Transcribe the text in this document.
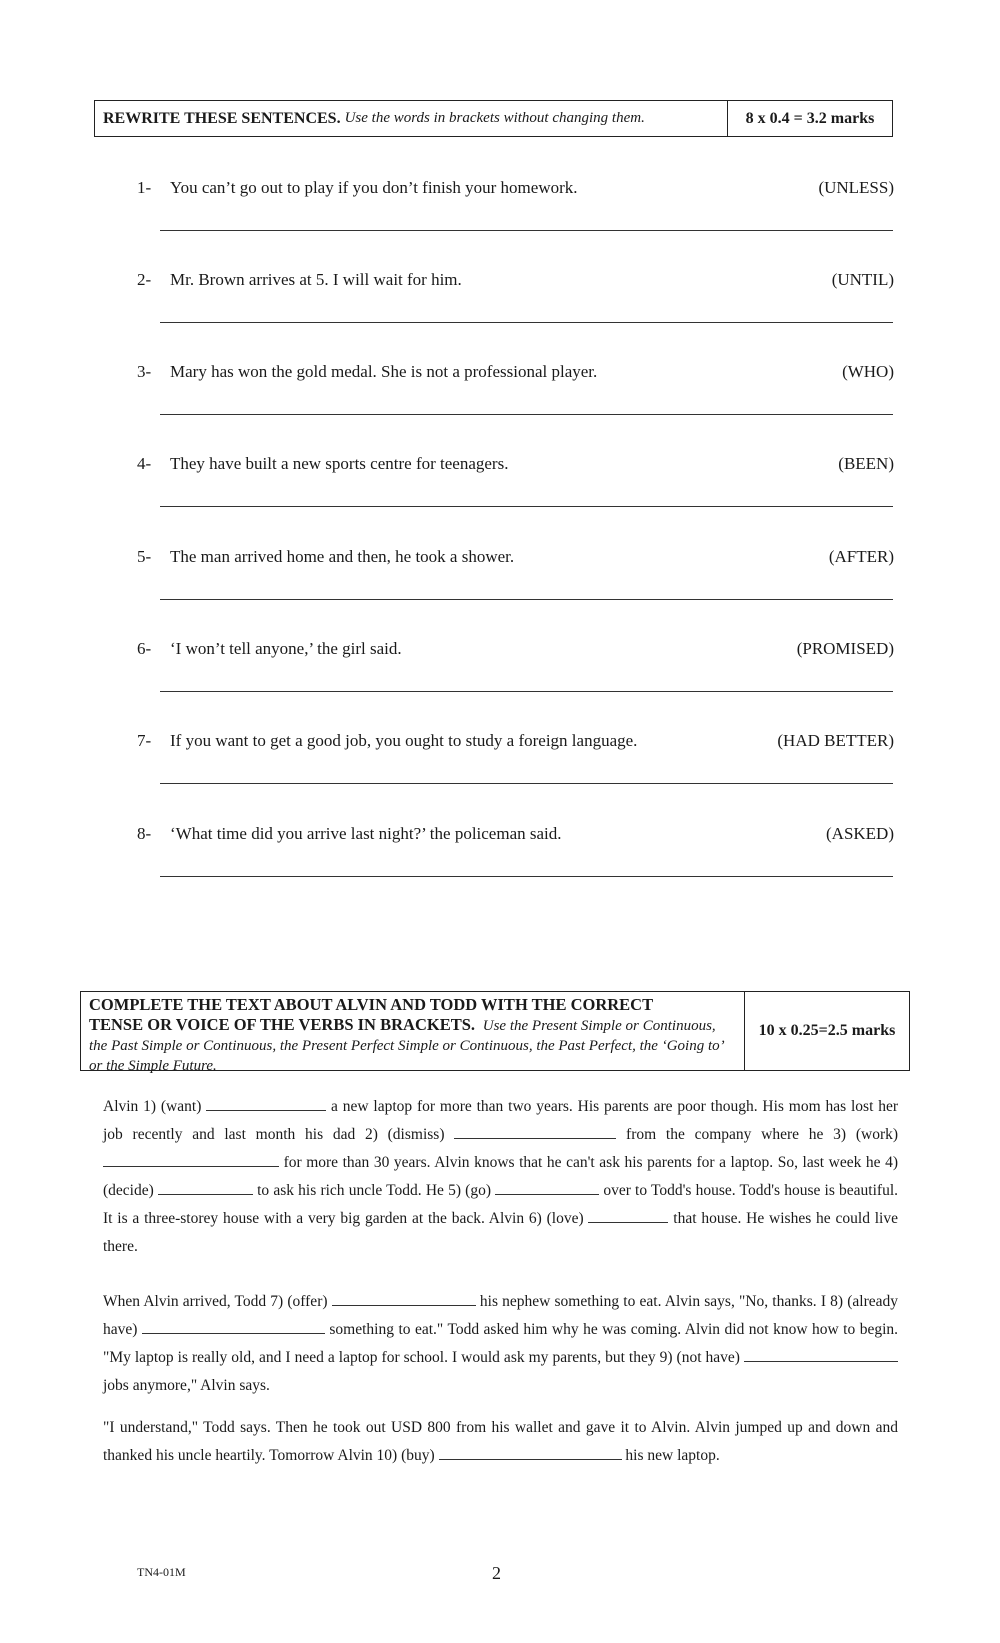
REWRITE THESE SENTENCES.
Use the words in brackets without changing them.	8 x 0.4 = 3.2 marks
1- You can’t go out to play if you don’t finish your homework.	(UNLESS)
2- Mr. Brown arrives at 5. I will wait for him.	(UNTIL)
3- Mary has won the gold medal. She is not a professional player.	(WHO)
4- They have built a new sports centre for teenagers.	(BEEN)
5- The man arrived home and then, he took a shower.	(AFTER)
6- ‘I won’t tell anyone,’ the girl said.	(PROMISED)
7- If you want to get a good job, you ought to study a foreign language.	(HAD BETTER)
8- ‘What time did you arrive last night?’ the policeman said.	(ASKED)
COMPLETE THE TEXT ABOUT ALVIN AND TODD WITH THE CORRECT
TENSE OR VOICE OF THE VERBS IN BRACKETS. Use the Present Simple or Continuous, the Past Simple or Continuous, the Present Perfect Simple or Continuous, the Past Perfect, the ‘Going to’ or the Simple Future.
10 x 0.25=2.5 marks

Alvin 1) (want)	a new laptop for more than two years. His parents are poor though. His mom has lost her job recently and last month his dad 2) (dismiss)	from the company where he 3) (work)  for more than 30 years. Alvin knows that he can't ask his parents for a laptop. So, last week he 4) (decide)	to ask his rich uncle Todd. He 5) (go)	over to Todd's house. Todd's house is beautiful. It is a three-storey house with a very big garden at the back. Alvin 6) (love)	that house. He wishes he could live there.

When Alvin arrived, Todd 7) (offer)	his nephew something to eat. Alvin says, "No, thanks. I 8) (already have)	something to eat." Todd asked him why he was coming. Alvin did not know how to begin. "My laptop is really old, and I need a laptop for school. I would ask my parents, but they 9) (not have)  jobs anymore," Alvin says.

"I understand," Todd says. Then he took out USD 800 from his wallet and gave it to Alvin. Alvin jumped up and down and thanked his uncle heartily. Tomorrow Alvin 10) (buy)	his new laptop.

TN4-01M	2
